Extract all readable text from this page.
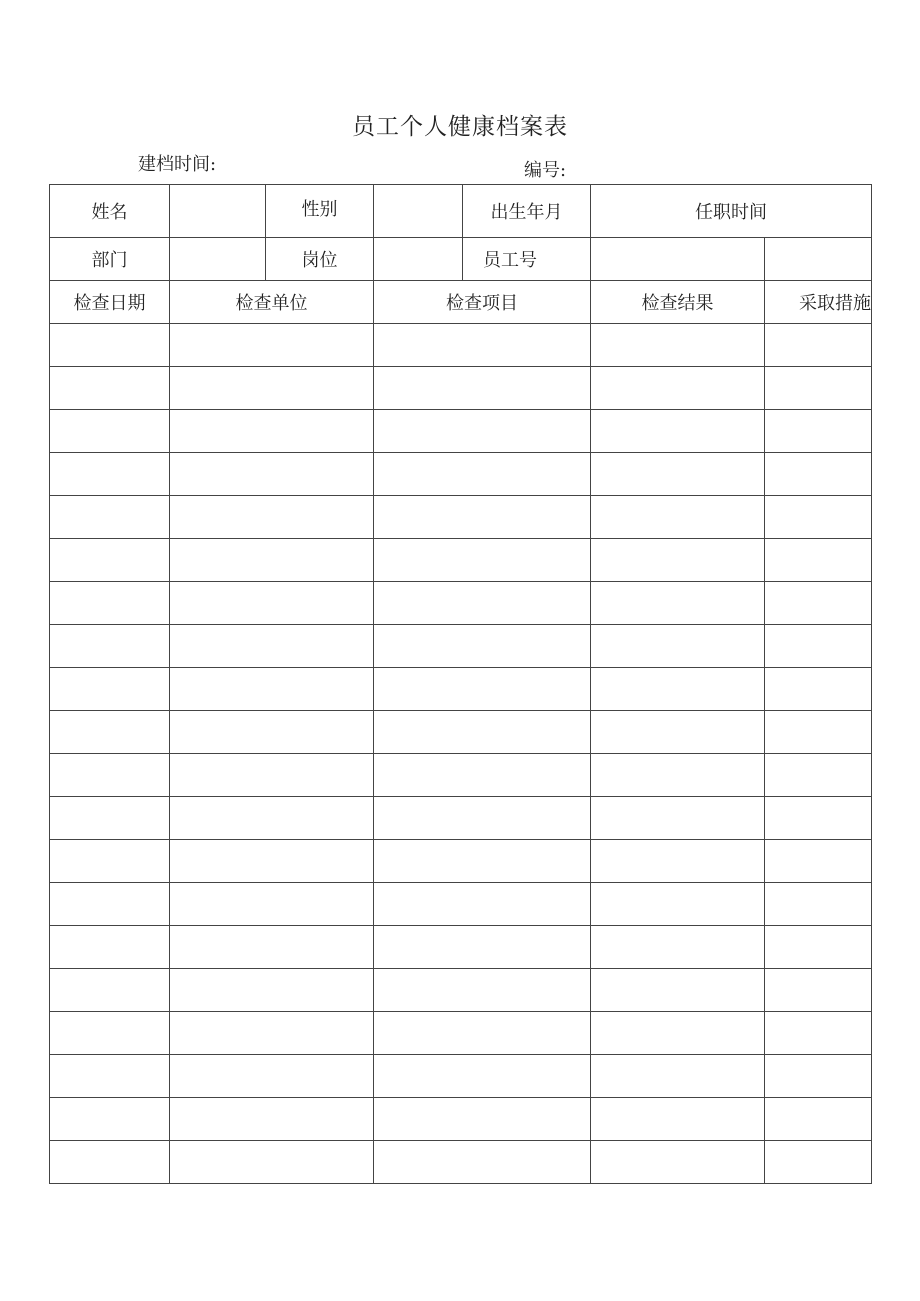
员工个人健康档案表
建档时间:	编号:
姓名		性别		出生年月	任职时间	
部门		岗位		员工号		
检查日期	检查单位		检查项目		检查结果	采取措施
